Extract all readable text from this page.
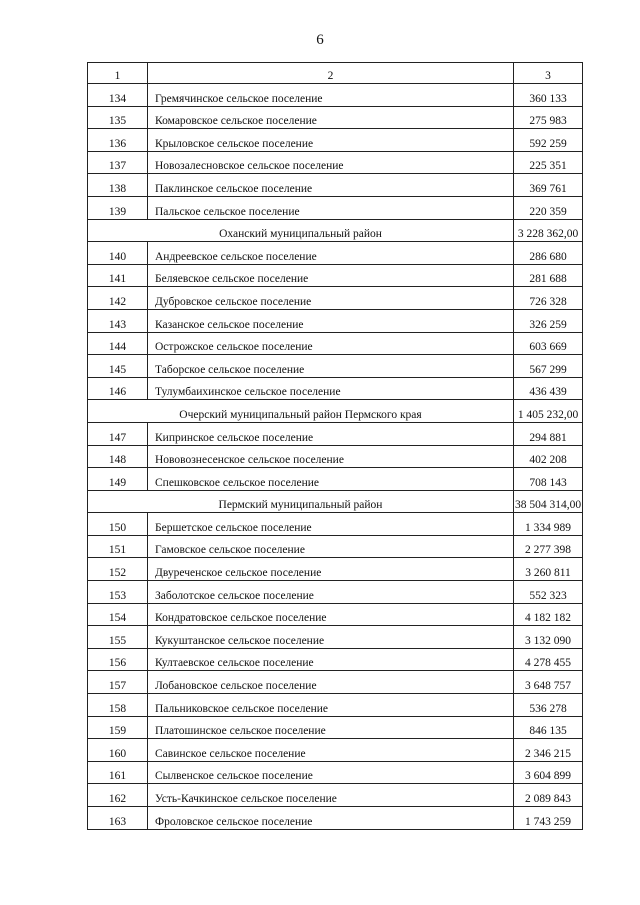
6
1	2	3
134	Гремячинское сельское поселение	360 133
135	Комаровское сельское поселение	275 983
136	Крыловское сельское поселение	592 259
137	Новозалесновское сельское поселение	225 351
138	Паклинское сельское поселение	369 761
139	Пальское сельское поселение	220 359
Оханский муниципальный район		3 228 362,00
140	Андреевское сельское поселение	286 680
141	Беляевское сельское поселение	281 688
142	Дубровское сельское поселение	726 328
143	Казанское сельское поселение	326 259
144	Острожское сельское поселение	603 669
145	Таборское сельское поселение	567 299
146	Тулумбаихинское сельское поселение	436 439
Очерский муниципальный район Пермского края		1 405 232,00
147	Кипринское сельское поселение	294 881
148	Нововознесенское сельское поселение	402 208
149	Спешковское сельское поселение	708 143
Пермский муниципальный район		38 504 314,00
150	Бершетское сельское поселение	1 334 989
151	Гамовское сельское поселение	2 277 398
152	Двуреченское сельское поселение	3 260 811
153	Заболотское сельское поселение	552 323
154	Кондратовское сельское поселение	4 182 182
155	Кукуштанское сельское поселение	3 132 090
156	Култаевское сельское поселение	4 278 455
157	Лобановское сельское поселение	3 648 757
158	Пальниковское сельское поселение	536 278
159	Платошинское сельское поселение	846 135
160	Савинское сельское поселение	2 346 215
161	Сылвенское сельское поселение	3 604 899
162	Усть-Качкинское сельское поселение	2 089 843
163	Фроловское сельское поселение	1 743 259
